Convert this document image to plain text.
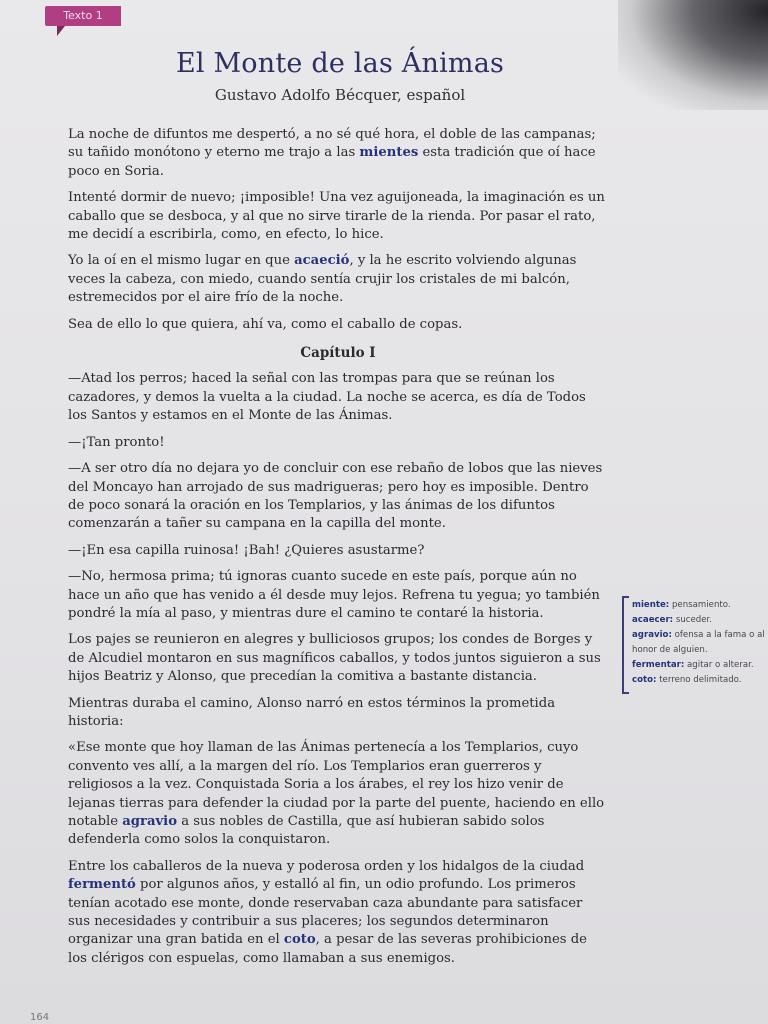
Texto 1
El Monte de las Ánimas
Gustavo Adolfo Bécquer, español

La noche de difuntos me despertó, a no sé qué hora, el doble de las campanas; su tañido monótono y eterno me trajo a las mientes esta tradición que oí hace poco en Soria.

Intenté dormir de nuevo; ¡imposible! Una vez aguijoneada, la imaginación es un caballo que se desboca, y al que no sirve tirarle de la rienda. Por pasar el rato, me decidí a escribirla, como, en efecto, lo hice.

Yo la oí en el mismo lugar en que acaeció, y la he escrito volviendo algunas veces la cabeza, con miedo, cuando sentía crujir los cristales de mi balcón, estremecidos por el aire frío de la noche.

Sea de ello lo que quiera, ahí va, como el caballo de copas.

Capítulo I

—Atad los perros; haced la señal con las trompas para que se reúnan los cazadores, y demos la vuelta a la ciudad. La noche se acerca, es día de Todos los Santos y estamos en el Monte de las Ánimas.

—¡Tan pronto!

—A ser otro día no dejara yo de concluir con ese rebaño de lobos que las nieves del Moncayo han arrojado de sus madrigueras; pero hoy es imposible. Dentro de poco sonará la oración en los Templarios, y las ánimas de los difuntos comenzarán a tañer su campana en la capilla del monte.

—¡En esa capilla ruinosa! ¡Bah! ¿Quieres asustarme?

—No, hermosa prima; tú ignoras cuanto sucede en este país, porque aún no hace un año que has venido a él desde muy lejos. Refrena tu yegua; yo también pondré la mía al paso, y mientras dure el camino te contaré la historia.

Los pajes se reunieron en alegres y bulliciosos grupos; los condes de Borges y de Alcudiel montaron en sus magníficos caballos, y todos juntos siguieron a sus hijos Beatriz y Alonso, que precedían la comitiva a bastante distancia.

Mientras duraba el camino, Alonso narró en estos términos la prometida historia:

«Ese monte que hoy llaman de las Ánimas pertenecía a los Templarios, cuyo convento ves allí, a la margen del río. Los Templarios eran guerreros y religiosos a la vez. Conquistada Soria a los árabes, el rey los hizo venir de lejanas tierras para defender la ciudad por la parte del puente, haciendo en ello notable agravio a sus nobles de Castilla, que así hubieran sabido solos defenderla como solos la conquistaron.

Entre los caballeros de la nueva y poderosa orden y los hidalgos de la ciudad fermentó por algunos años, y estalló al fin, un odio profundo. Los primeros tenían acotado ese monte, donde reservaban caza abundante para satisfacer sus necesidades y contribuir a sus placeres; los segundos determinaron organizar una gran batida en el coto, a pesar de las severas prohibiciones de los clérigos con espuelas, como llamaban a sus enemigos.

miente: pensamiento.
acaecer: suceder.
agravio: ofensa a la fama o al honor de alguien.
fermentar: agitar o alterar.
coto: terreno delimitado.
164
